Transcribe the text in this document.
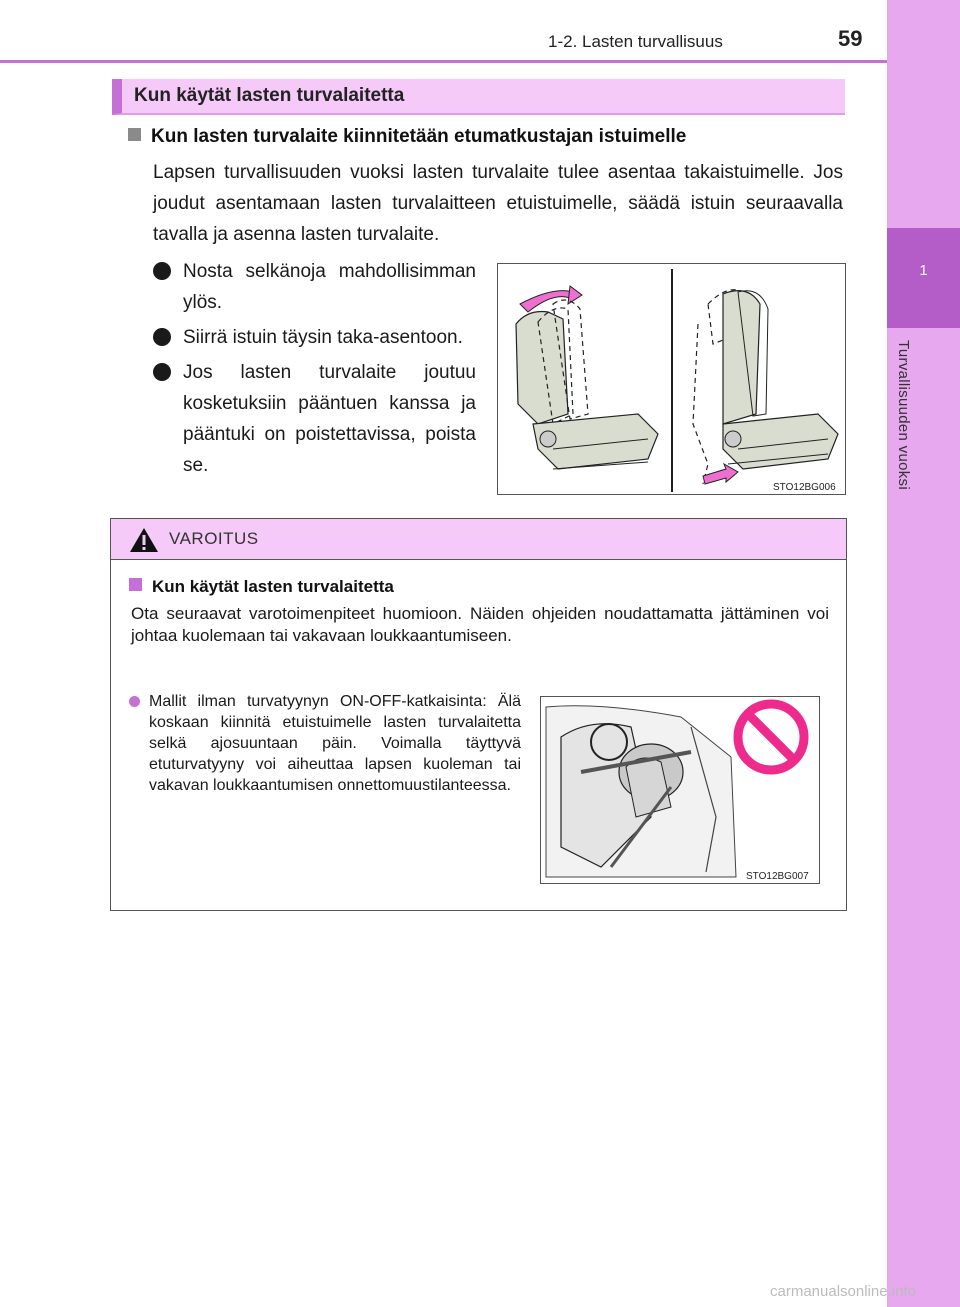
1
Turvallisuuden vuoksi
1-2. Lasten turvallisuus	59
Kun käytät lasten turvalaitetta
Kun lasten turvalaite kiinnitetään etumatkustajan istuimelle
Lapsen turvallisuuden vuoksi lasten turvalaite tulee asentaa takaistuimelle. Jos joudut asentamaan lasten turvalaitteen etuistuimelle, säädä istuin seuraavalla tavalla ja asenna lasten turvalaite.
Nosta selkänoja mahdollisimman ylös.
Siirrä istuin täysin taka-asentoon.
Jos lasten turvalaite joutuu kosketuksiin pääntuen kanssa ja pääntuki on poistettavissa, poista se.
STO12BG006
VAROITUS
Kun käytät lasten turvalaitetta
Ota seuraavat varotoimenpiteet huomioon. Näiden ohjeiden noudattamatta jättäminen voi johtaa kuolemaan tai vakavaan loukkaantumiseen.
Mallit ilman turvatyynyn ON-OFF-katkaisinta: Älä koskaan kiinnitä etuistuimelle lasten turvalaitetta selkä ajosuuntaan päin. Voimalla täyttyvä etuturvatyyny voi aiheuttaa lapsen kuoleman tai vakavan loukkaantumisen onnettomuustilanteessa.
STO12BG007
carmanualsonline.info
